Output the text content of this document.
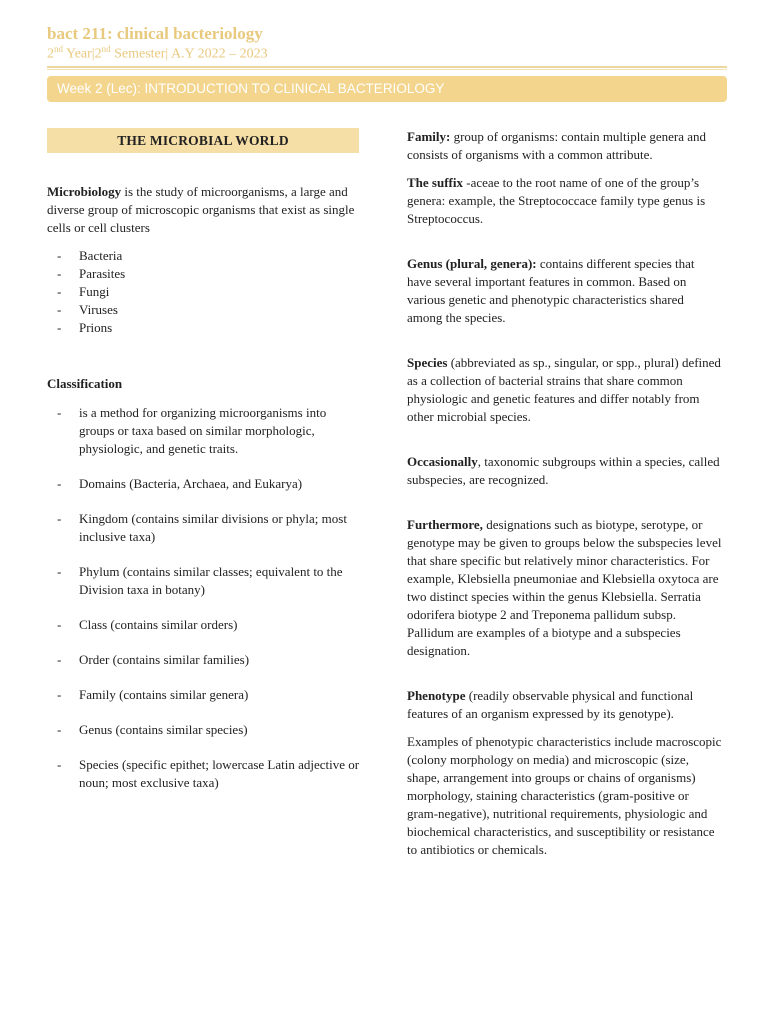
bact 211: clinical bacteriology
2nd Year|2nd Semester| A.Y 2022 – 2023
Week 2 (Lec): INTRODUCTION TO CLINICAL BACTERIOLOGY
THE MICROBIAL WORLD

Microbiology is the study of microorganisms, a large and diverse group of microscopic organisms that exist as single cells or cell clusters

- Bacteria
- Parasites
- Fungi
- Viruses
- Prions

Classification

- is a method for organizing microorganisms into groups or taxa based on similar morphologic, physiologic, and genetic traits.
- Domains (Bacteria, Archaea, and Eukarya)
- Kingdom (contains similar divisions or phyla; most inclusive taxa)
- Phylum (contains similar classes; equivalent to the Division taxa in botany)
- Class (contains similar orders)
- Order (contains similar families)
- Family (contains similar genera)
- Genus (contains similar species)
- Species (specific epithet; lowercase Latin adjective or noun; most exclusive taxa)

Family: group of organisms: contain multiple genera and consists of organisms with a common attribute.

The suffix -aceae to the root name of one of the group’s genera: example, the Streptococcace family type genus is Streptococcus.

Genus (plural, genera): contains different species that have several important features in common. Based on various genetic and phenotypic characteristics shared among the species.

Species (abbreviated as sp., singular, or spp., plural) defined as a collection of bacterial strains that share common physiologic and genetic features and differ notably from other microbial species.

Occasionally, taxonomic subgroups within a species, called subspecies, are recognized.

Furthermore, designations such as biotype, serotype, or genotype may be given to groups below the subspecies level that share specific but relatively minor characteristics. For example, Klebsiella pneumoniae and Klebsiella oxytoca are two distinct species within the genus Klebsiella. Serratia odorifera biotype 2 and Treponema pallidum subsp. Pallidum are examples of a biotype and a subspecies designation.

Phenotype (readily observable physical and functional features of an organism expressed by its genotype).

Examples of phenotypic characteristics include macroscopic (colony morphology on media) and microscopic (size, shape, arrangement into groups or chains of organisms) morphology, staining characteristics (gram-positive or gram-negative), nutritional requirements, physiologic and biochemical characteristics, and susceptibility or resistance to antibiotics or chemicals.
